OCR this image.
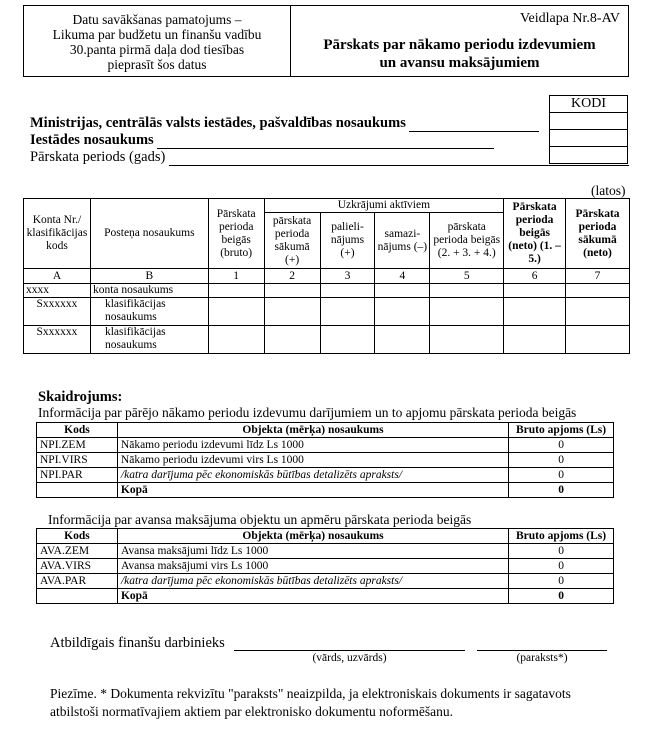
Datu savākšanas pamatojums –
Likuma par budžetu un finanšu vadību
30.panta pirmā daļa dod tiesības
pieprasīt šos datus
Veidlapa Nr.8-AV
Pārskats par nākamo periodu izdevumiem
un avansu maksājumiem
KODI

Ministrijas, centrālās valsts iestādes, pašvaldības nosaukums
Iestādes nosaukums
Pārskata periods (gads)
(latos)
Konta Nr./ klasifikācijas kods	Posteņa nosaukums	Pārskata perioda beigās (bruto)	Uzkrājumi aktīviem				Pārskata perioda beigās (neto) (1. – 5.)	Pārskata perioda sākumā (neto)
			pārskata perioda sākumā (+)	palieli-nājums (+)	samazi-nājums (–)	pārskata perioda beigās (2. + 3. + 4.)		
A	B	1	2	3	4	5	6	7
xxxx	konta nosaukums							
Sxxxxxx	klasifikācijas nosaukums							
Sxxxxxx	klasifikācijas nosaukums							
Skaidrojums:
Informācija par pārējo nākamo periodu izdevumu darījumiem un to apjomu pārskata perioda beigās
Kods	Objekta (mērķa) nosaukums	Bruto apjoms (Ls)
NPI.ZEM	Nākamo periodu izdevumi līdz Ls 1000	0
NPI.VIRS	Nākamo periodu izdevumi virs Ls 1000	0
NPI.PAR	/katra darījuma pēc ekonomiskās būtības detalizēts apraksts/	0
	Kopā	0
Informācija par avansa maksājuma objektu un apmēru pārskata perioda beigās
Kods	Objekta (mērķa) nosaukums	Bruto apjoms (Ls)
AVA.ZEM	Avansa maksājumi līdz Ls 1000	0
AVA.VIRS	Avansa maksājumi virs Ls 1000	0
AVA.PAR	/katra darījuma pēc ekonomiskās būtības detalizēts apraksts/	0
	Kopā	0
Atbildīgais finanšu darbinieks
(vārds, uzvārds)	(paraksts*)
Piezīme. * Dokumenta rekvizītu "paraksts" neaizpilda, ja elektroniskais dokuments ir sagatavots
atbilstoši normatīvajiem aktiem par elektronisko dokumentu noformēšanu.
